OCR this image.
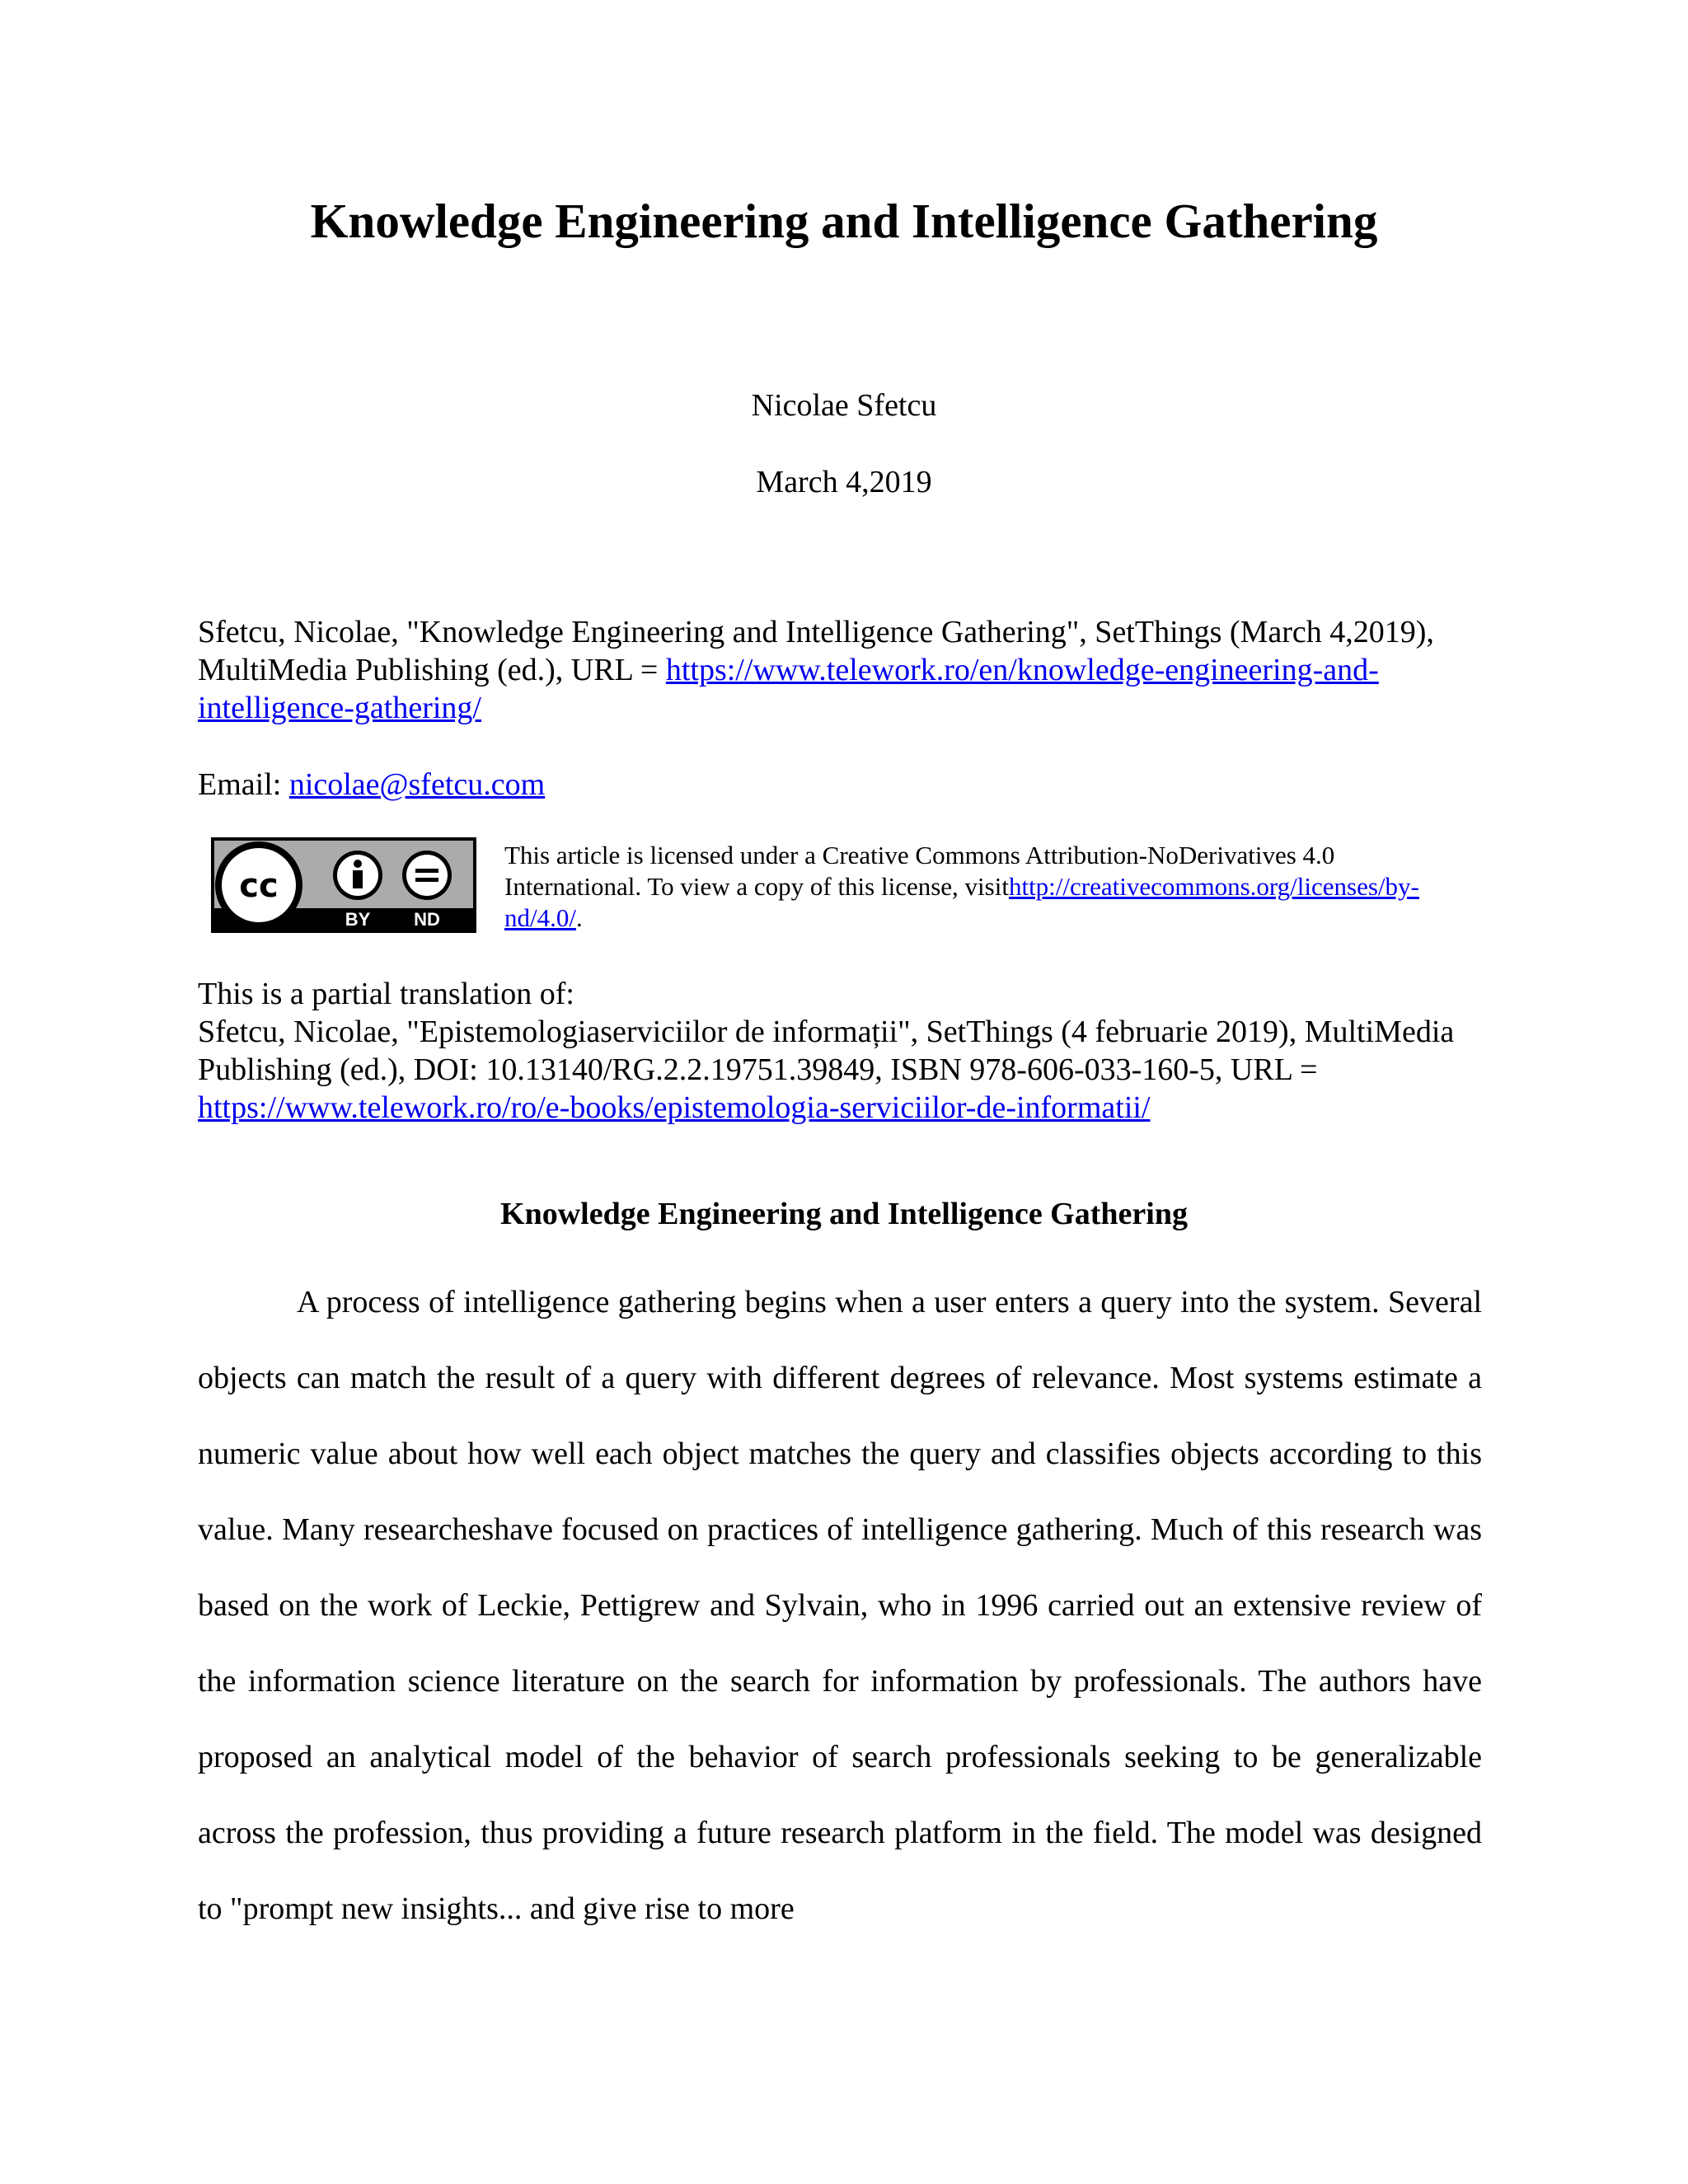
Knowledge Engineering and Intelligence Gathering

Nicolae Sfetcu

March 4,2019

Sfetcu, Nicolae, "Knowledge Engineering and Intelligence Gathering", SetThings (March 4,2019), MultiMedia Publishing (ed.), URL = https://www.telework.ro/en/knowledge-engineering-and-intelligence-gathering/

Email: nicolae@sfetcu.com

cc
BY ND

This article is licensed under a Creative Commons Attribution-NoDerivatives 4.0 International. To view a copy of this license, visithttp://creativecommons.org/licenses/by-nd/4.0/.

This is a partial translation of:
Sfetcu, Nicolae, "Epistemologiaserviciilor de informații", SetThings (4 februarie 2019), MultiMedia Publishing (ed.), DOI: 10.13140/RG.2.2.19751.39849, ISBN 978-606-033-160-5, URL = https://www.telework.ro/ro/e-books/epistemologia-serviciilor-de-informatii/

Knowledge Engineering and Intelligence Gathering

A process of intelligence gathering begins when a user enters a query into the system. Several objects can match the result of a query with different degrees of relevance. Most systems estimate a numeric value about how well each object matches the query and classifies objects according to this value. Many researcheshave focused on practices of intelligence gathering. Much of this research was based on the work of Leckie, Pettigrew and Sylvain, who in 1996 carried out an extensive review of the information science literature on the search for information by professionals. The authors have proposed an analytical model of the behavior of search professionals seeking to be generalizable across the profession, thus providing a future research platform in the field. The model was designed to "prompt new insights... and give rise to more
